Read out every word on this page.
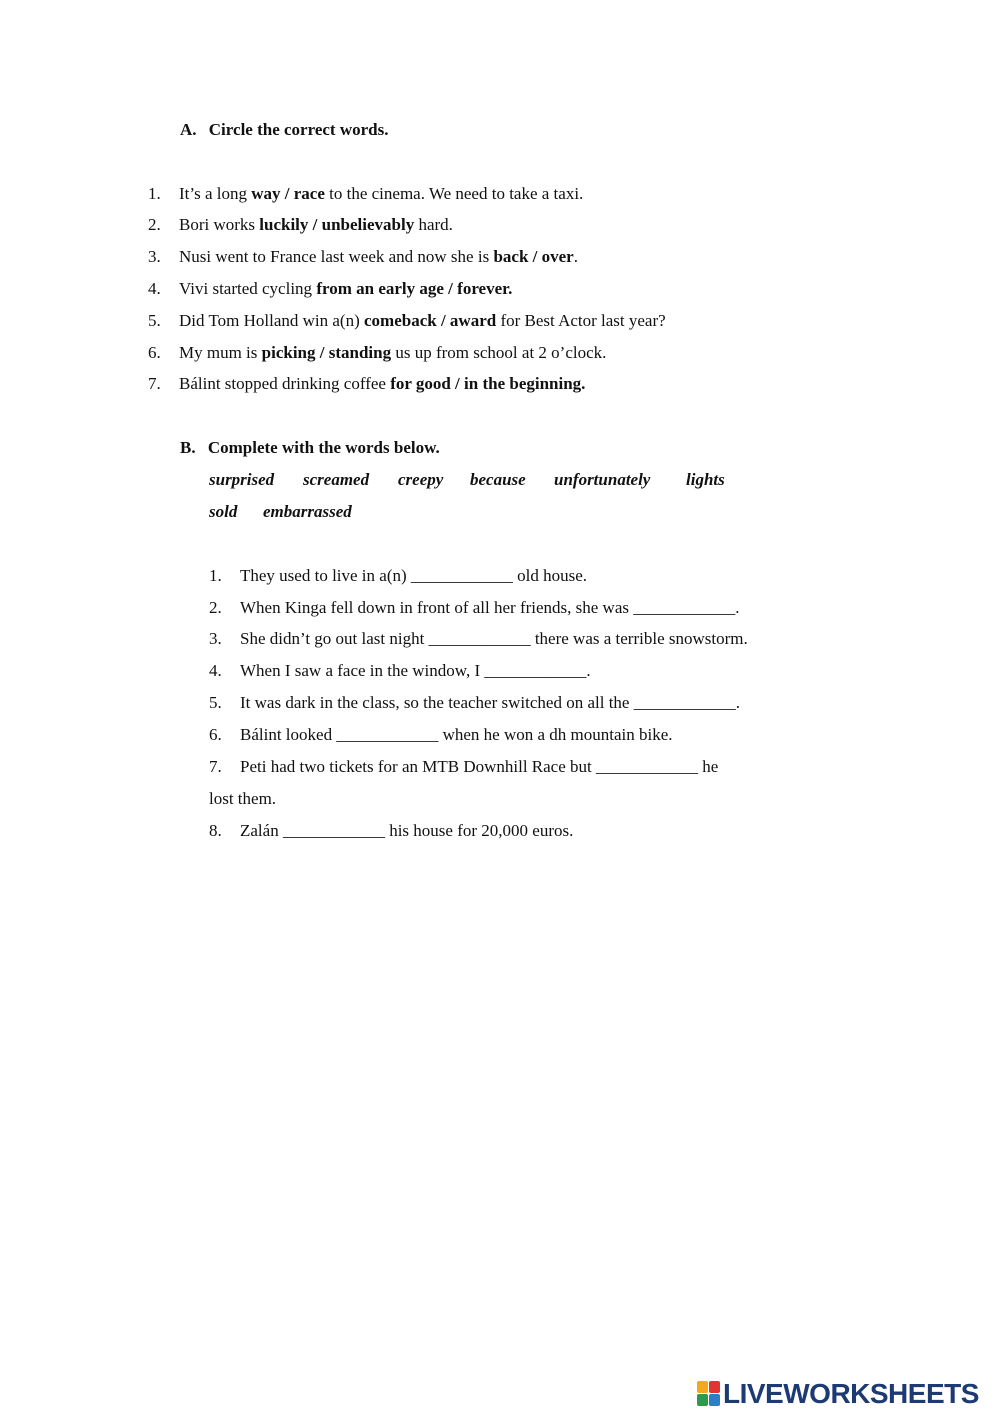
A. Circle the correct words.
1. It’s a long way / race to the cinema. We need to take a taxi.
2. Bori works luckily / unbelievably hard.
3. Nusi went to France last week and now she is back / over.
4. Vivi started cycling from an early age / forever.
5. Did Tom Holland win a(n) comeback / award for Best Actor last year?
6. My mum is picking / standing us up from school at 2 o’clock.
7. Bálint stopped drinking coffee for good / in the beginning.
B. Complete with the words below.
surprised screamed creepy because unfortunately lights
sold embarrassed
1. They used to live in a(n) ____________ old house.
2. When Kinga fell down in front of all her friends, she was ____________.
3. She didn’t go out last night ____________ there was a terrible snowstorm.
4. When I saw a face in the window, I ____________.
5. It was dark in the class, so the teacher switched on all the ____________.
6. Bálint looked ____________ when he won a dh mountain bike.
7. Peti had two tickets for an MTB Downhill Race but ____________ he
lost them.
8. Zalán ____________ his house for 20,000 euros.
LIVEWORKSHEETS
